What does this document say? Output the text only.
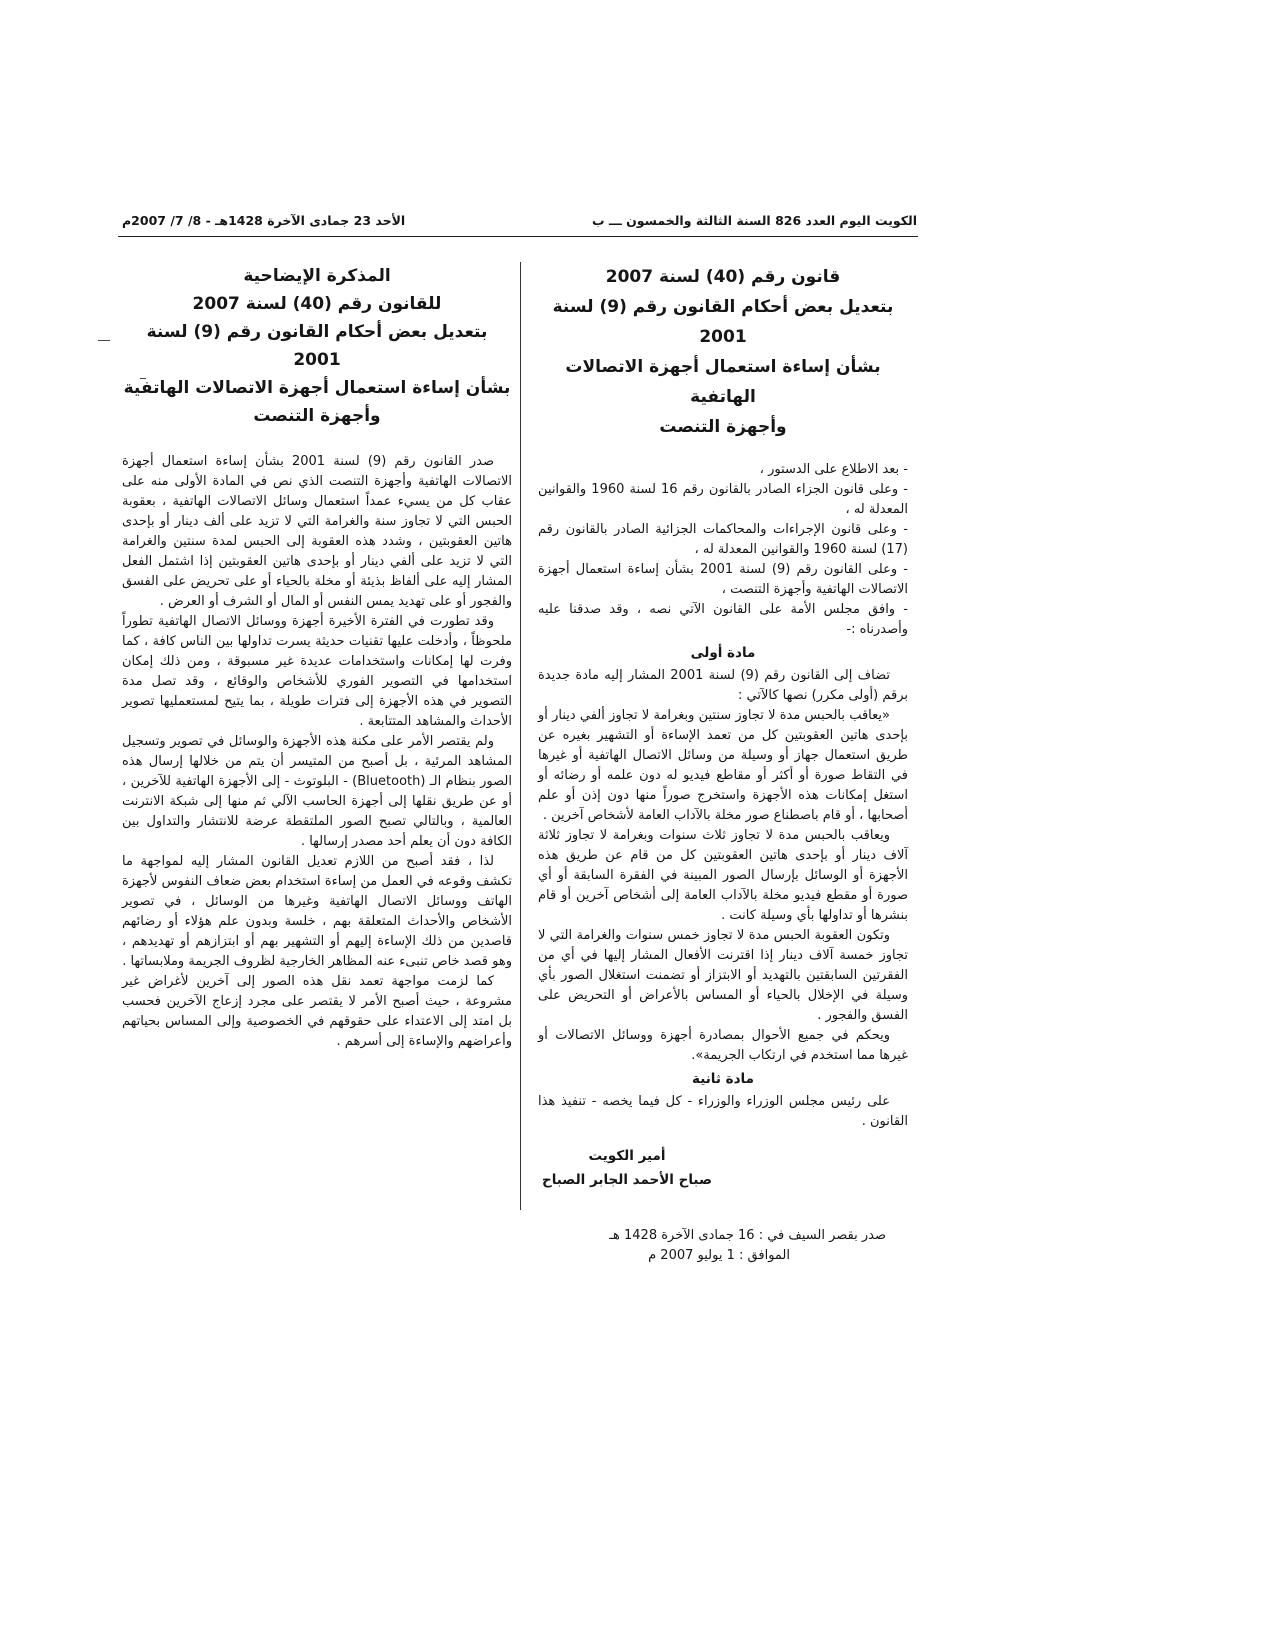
الكويت اليوم العدد 826 السنة الثالثة والخمسون ـــ ب
الأحد 23 جمادى الآخرة 1428هـ - 8/ 7/ 2007م
قانون رقم (40) لسنة 2007
بتعديل بعض أحكام القانون رقم (9) لسنة 2001
بشأن إساءة استعمال أجهزة الاتصالات الهاتفية
وأجهزة التنصت

- بعد الاطلاع على الدستور ،

- وعلى قانون الجزاء الصادر بالقانون رقم 16 لسنة 1960 والقوانين المعدلة له ،

- وعلى قانون الإجراءات والمحاكمات الجزائية الصادر بالقانون رقم (17) لسنة 1960 والقوانين المعدلة له ،

- وعلى القانون رقم (9) لسنة 2001 بشأن إساءة استعمال أجهزة الاتصالات الهاتفية وأجهزة التنصت ،

- وافق مجلس الأمة على القانون الآتي نصه ، وقد صدقنا عليه وأصدرناه :-

مادة أولى

تضاف إلى القانون رقم (9) لسنة 2001 المشار إليه مادة جديدة برقم (أولى مكرر) نصها كالآتي :

«يعاقب بالحبس مدة لا تجاوز سنتين وبغرامة لا تجاوز ألفي دينار أو بإحدى هاتين العقوبتين كل من تعمد الإساءة أو التشهير بغيره عن طريق استعمال جهاز أو وسيلة من وسائل الاتصال الهاتفية أو غيرها في التقاط صورة أو أكثر أو مقاطع فيديو له دون علمه أو رضائه أو استغل إمكانات هذه الأجهزة واستخرج صوراً منها دون إذن أو علم أصحابها ، أو قام باصطناع صور مخلة بالآداب العامة لأشخاص آخرين .

ويعاقب بالحبس مدة لا تجاوز ثلاث سنوات وبغرامة لا تجاوز ثلاثة آلاف دينار أو بإحدى هاتين العقوبتين كل من قام عن طريق هذه الأجهزة أو الوسائل بإرسال الصور المبينة في الفقرة السابقة أو أي صورة أو مقطع فيديو مخلة بالآداب العامة إلى أشخاص آخرين أو قام بنشرها أو تداولها بأي وسيلة كانت .

وتكون العقوبة الحبس مدة لا تجاوز خمس سنوات والغرامة التي لا تجاوز خمسة آلاف دينار إذا اقترنت الأفعال المشار إليها في أي من الفقرتين السابقتين بالتهديد أو الابتزاز أو تضمنت استغلال الصور بأي وسيلة في الإخلال بالحياء أو المساس بالأعراض أو التحريض على الفسق والفجور .

ويحكم في جميع الأحوال بمصادرة أجهزة ووسائل الاتصالات أو غيرها مما استخدم في ارتكاب الجريمة».

مادة ثانية

على رئيس مجلس الوزراء والوزراء - كل فيما يخصه - تنفيذ هذا القانون .

أمير الكويت
صباح الأحمد الجابر الصباح
صدر بقصر السيف في : 16 جمادى الآخرة 1428 هـ
الموافق : 1 يوليو 2007 م
المذكرة الإيضاحية
للقانون رقم (40) لسنة 2007
بتعديل بعض أحكام القانون رقم (9) لسنة 2001
بشأن إساءة استعمال أجهزة الاتصالات الهاتفية
وأجهزة التنصت

صدر القانون رقم (9) لسنة 2001 بشأن إساءة استعمال أجهزة الاتصالات الهاتفية وأجهزة التنصت الذي نص في المادة الأولى منه على عقاب كل من يسيء عمداً استعمال وسائل الاتصالات الهاتفية ، بعقوبة الحبس التي لا تجاوز سنة والغرامة التي لا تزيد على ألف دينار أو بإحدى هاتين العقوبتين ، وشدد هذه العقوبة إلى الحبس لمدة سنتين والغرامة التي لا تزيد على ألفي دينار أو بإحدى هاتين العقوبتين إذا اشتمل الفعل المشار إليه على ألفاظ بذيئة أو مخلة بالحياء أو على تحريض على الفسق والفجور أو على تهديد يمس النفس أو المال أو الشرف أو العرض .

وقد تطورت في الفترة الأخيرة أجهزة ووسائل الاتصال الهاتفية تطوراً ملحوظاً ، وأدخلت عليها تقنيات حديثة يسرت تداولها بين الناس كافة ، كما وفرت لها إمكانات واستخدامات عديدة غير مسبوقة ، ومن ذلك إمكان استخدامها في التصوير الفوري للأشخاص والوقائع ، وقد تصل مدة التصوير في هذه الأجهزة إلى فترات طويلة ، بما يتيح لمستعمليها تصوير الأحداث والمشاهد المتتابعة .

ولم يقتصر الأمر على مكنة هذه الأجهزة والوسائل في تصوير وتسجيل المشاهد المرئية ، بل أصبح من المتيسر أن يتم من خلالها إرسال هذه الصور بنظام الـ (Bluetooth) - البلوتوث - إلى الأجهزة الهاتفية للآخرين ، أو عن طريق نقلها إلى أجهزة الحاسب الآلي ثم منها إلى شبكة الانترنت العالمية ، وبالتالي تصبح الصور الملتقطة عرضة للانتشار والتداول بين الكافة دون أن يعلم أحد مصدر إرسالها .

لذا ، فقد أصبح من اللازم تعديل القانون المشار إليه لمواجهة ما تكشف وقوعه في العمل من إساءة استخدام بعض ضعاف النفوس لأجهزة الهاتف ووسائل الاتصال الهاتفية وغيرها من الوسائل ، في تصوير الأشخاص والأحداث المتعلقة بهم ، خلسة وبدون علم هؤلاء أو رضائهم قاصدين من ذلك الإساءة إليهم أو التشهير بهم أو ابتزازهم أو تهديدهم ، وهو قصد خاص تنبىء عنه المظاهر الخارجية لظروف الجريمة وملابساتها .

كما لزمت مواجهة تعمد نقل هذه الصور إلى آخرين لأغراض غير مشروعة ، حيث أصبح الأمر لا يقتصر على مجرد إزعاج الآخرين فحسب بل امتد إلى الاعتداء على حقوقهم في الخصوصية وإلى المساس بحياتهم وأعراضهم والإساءة إلى أسرهم .
